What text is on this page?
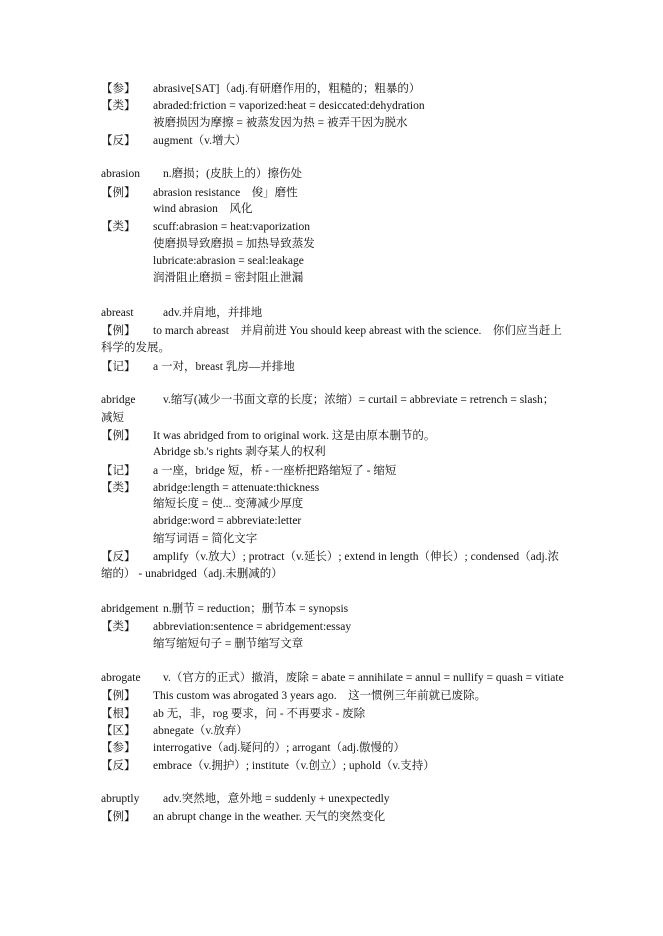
【参】 abrasive[SAT]（adj.有研磨作用的，粗糙的；粗暴的）
【类】 abraded:friction = vaporized:heat = desiccated:dehydration
被磨损因为摩擦 = 被蒸发因为热 = 被弄干因为脱水
【反】 augment（v.增大）
abrasion n.磨损；(皮肤上的）擦伤处
【例】 abrasion resistance　俊」磨性
wind abrasion　风化
【类】 scuff:abrasion = heat:vaporization
使磨损导致磨损 = 加热导致蒸发
lubricate:abrasion = seal:leakage
润滑阻止磨损 = 密封阻止泄漏
abreast	adv.并肩地，并排地
【例】 to march abreast　并肩前进 You should keep abreast with the science.　你们应当赶上科学的发展。
【记】 a 一对，breast 乳房—并排地
abridge v.缩写(减少一书面文章的长度；浓缩）= curtail = abbreviate = retrench = slash；减短
【例】 It was abridged from to original work. 这是由原本删节的。
Abridge sb.'s rights 剥夺某人的权利
【记】 a 一座，bridge 短，桥 - 一座桥把路缩短了 - 缩短
【类】 abridge:length = attenuate:thickness
缩短长度 = 使... 变薄减少厚度
abridge:word = abbreviate:letter
缩写词语 = 简化文字
【反】 amplify（v.放大）; protract（v.延长）; extend in length（伸长）; condensed（adj.浓缩的） - unabridged（adj.未删减的）
abridgement n.删节 = reduction；删节本 = synopsis
【类】 abbreviation:sentence = abridgement:essay
缩写缩短句子 = 删节缩写文章
abrogate v.（官方的正式）撤消，废除 = abate = annihilate = annul = nullify = quash = vitiate
【例】 This custom was abrogated 3 years ago.　这一惯例三年前就已废除。
【根】 ab 无，非，rog 要求，问 - 不再要求 - 废除
【区】 abnegate（v.放弃）
【参】 interrogative（adj.疑问的）; arrogant（adj.傲慢的）
【反】 embrace（v.拥护）; institute（v.创立）; uphold（v.支持）
abruptly adv.突然地，意外地 = suddenly + unexpectedly
【例】 an abrupt change in the weather. 天气的突然变化
